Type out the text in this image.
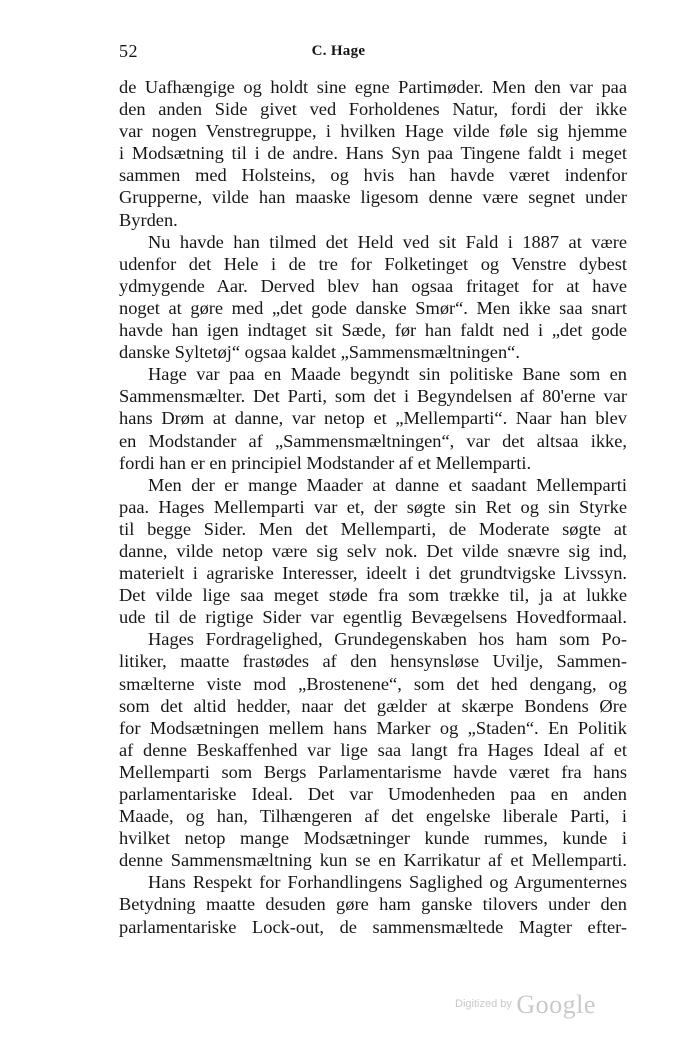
52	C. Hage
de Uafhængige og holdt sine egne Partimøder. Men den var paa
den anden Side givet ved Forholdenes Natur, fordi der ikke
var nogen Venstregruppe, i hvilken Hage vilde føle sig hjemme
i Modsætning til i de andre. Hans Syn paa Tingene faldt i meget
sammen med Holsteins, og hvis han havde været indenfor
Grupperne, vilde han maaske ligesom denne være segnet under
Byrden.
Nu havde han tilmed det Held ved sit Fald i 1887 at være
udenfor det Hele i de tre for Folketinget og Venstre dybest
ydmygende Aar. Derved blev han ogsaa fritaget for at have
noget at gøre med „det gode danske Smør“. Men ikke saa snart
havde han igen indtaget sit Sæde, før han faldt ned i „det gode
danske Syltetøj“ ogsaa kaldet „Sammensmæltningen“.
Hage var paa en Maade begyndt sin politiske Bane som en
Sammensmælter. Det Parti, som det i Begyndelsen af 80'erne var
hans Drøm at danne, var netop et „Mellemparti“. Naar han blev
en Modstander af „Sammensmæltningen“, var det altsaa ikke,
fordi han er en principiel Modstander af et Mellemparti.
Men der er mange Maader at danne et saadant Mellemparti
paa. Hages Mellemparti var et, der søgte sin Ret og sin Styrke
til begge Sider. Men det Mellemparti, de Moderate søgte at
danne, vilde netop være sig selv nok. Det vilde snævre sig ind,
materielt i agrariske Interesser, ideelt i det grundtvigske Livssyn.
Det vilde lige saa meget støde fra som trække til, ja at lukke
ude til de rigtige Sider var egentlig Bevægelsens Hovedformaal.
Hages Fordragelighed, Grundegenskaben hos ham som Po-
litiker, maatte frastødes af den hensynsløse Uvilje, Sammen-
smælterne viste mod „Brostenene“, som det hed dengang, og
som det altid hedder, naar det gælder at skærpe Bondens Øre
for Modsætningen mellem hans Marker og „Staden“. En Politik
af denne Beskaffenhed var lige saa langt fra Hages Ideal af et
Mellemparti som Bergs Parlamentarisme havde været fra hans
parlamentariske Ideal. Det var Umodenheden paa en anden
Maade, og han, Tilhængeren af det engelske liberale Parti, i
hvilket netop mange Modsætninger kunde rummes, kunde i
denne Sammensmæltning kun se en Karrikatur af et Mellemparti.
Hans Respekt for Forhandlingens Saglighed og Argumenternes
Betydning maatte desuden gøre ham ganske tilovers under den
parlamentariske Lock-out, de sammensmæltede Magter efter-
$^{Digitized by}$ Google
